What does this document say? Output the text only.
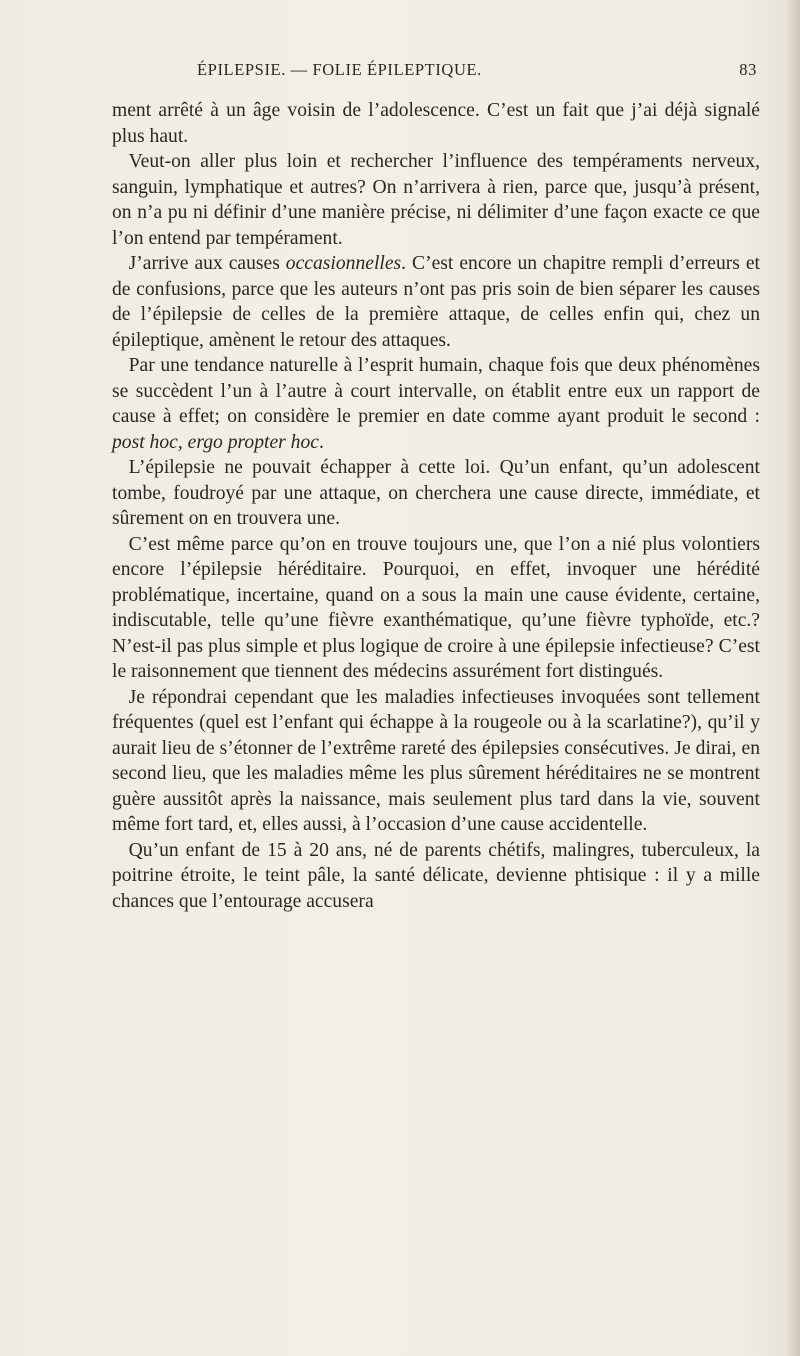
ÉPILEPSIE. — FOLIE ÉPILEPTIQUE.	83

ment arrêté à un âge voisin de l’adolescence. C’est un fait que j’ai déjà signalé plus haut.

Veut-on aller plus loin et rechercher l’influence des tempéraments nerveux, sanguin, lymphatique et autres? On n’arrivera à rien, parce que, jusqu’à présent, on n’a pu ni définir d’une manière précise, ni délimiter d’une façon exacte ce que l’on entend par tempérament.

J’arrive aux causes occasionnelles. C’est encore un chapitre rempli d’erreurs et de confusions, parce que les auteurs n’ont pas pris soin de bien séparer les causes de l’épilepsie de celles de la première attaque, de celles enfin qui, chez un épileptique, amènent le retour des attaques.

Par une tendance naturelle à l’esprit humain, chaque fois que deux phénomènes se succèdent l’un à l’autre à court intervalle, on établit entre eux un rapport de cause à effet; on considère le premier en date comme ayant produit le second : post hoc, ergo propter hoc.

L’épilepsie ne pouvait échapper à cette loi. Qu’un enfant, qu’un adolescent tombe, foudroyé par une attaque, on cherchera une cause directe, immédiate, et sûrement on en trouvera une.

C’est même parce qu’on en trouve toujours une, que l’on a nié plus volontiers encore l’épilepsie héréditaire. Pourquoi, en effet, invoquer une hérédité problématique, incertaine, quand on a sous la main une cause évidente, certaine, indiscutable, telle qu’une fièvre exanthématique, qu’une fièvre typhoïde, etc.? N’est-il pas plus simple et plus logique de croire à une épilepsie infectieuse? C’est le raisonnement que tiennent des médecins assurément fort distingués.

Je répondrai cependant que les maladies infectieuses invoquées sont tellement fréquentes (quel est l’enfant qui échappe à la rougeole ou à la scarlatine?), qu’il y aurait lieu de s’étonner de l’extrême rareté des épilepsies consécutives. Je dirai, en second lieu, que les maladies même les plus sûrement héréditaires ne se montrent guère aussitôt après la naissance, mais seulement plus tard dans la vie, souvent même fort tard, et, elles aussi, à l’occasion d’une cause accidentelle.

Qu’un enfant de 15 à 20 ans, né de parents chétifs, malingres, tuberculeux, la poitrine étroite, le teint pâle, la santé délicate, devienne phtisique : il y a mille chances que l’entourage accusera
